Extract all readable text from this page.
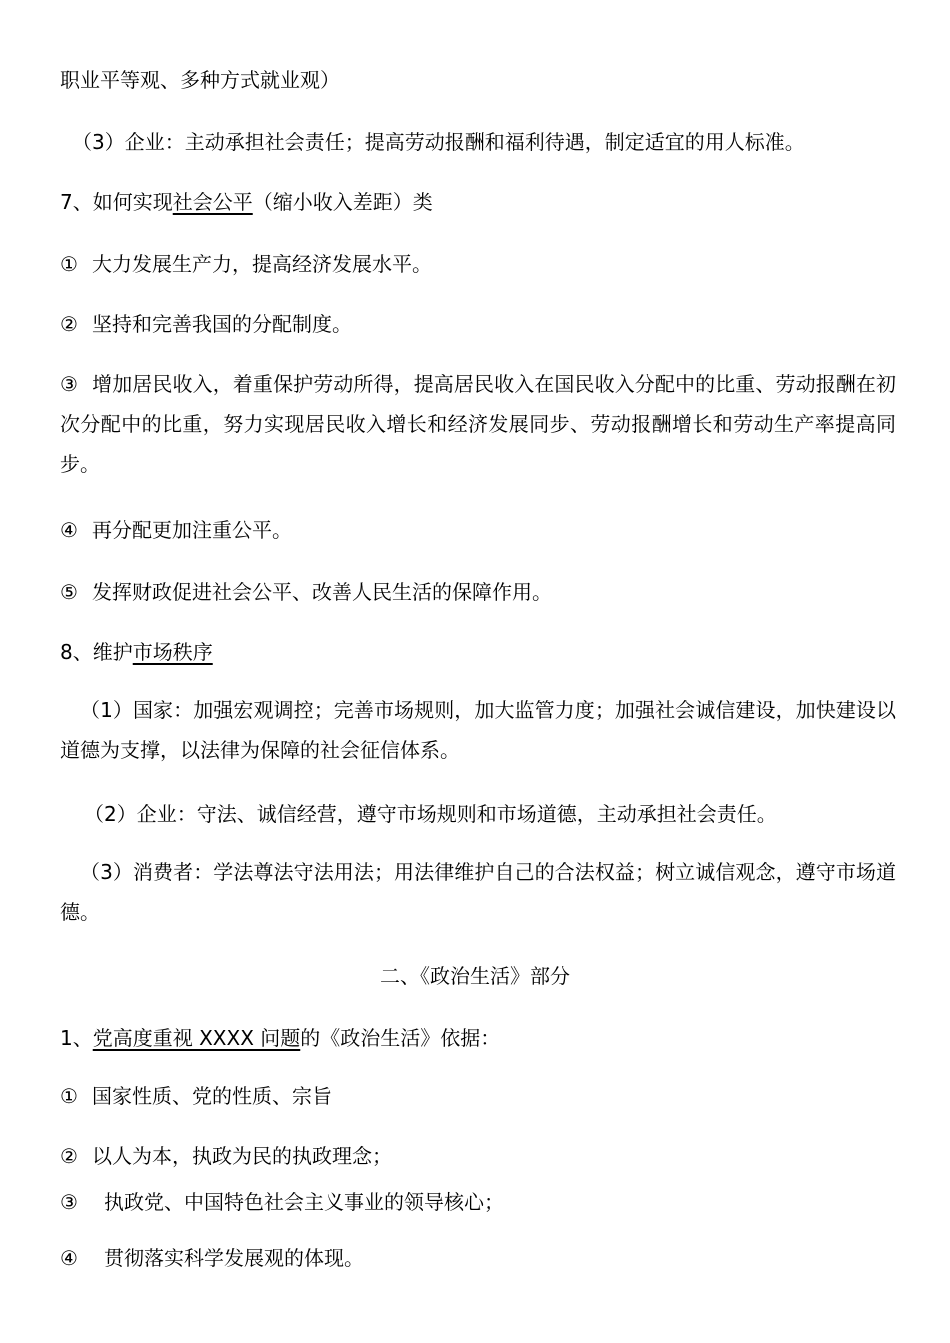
职业平等观、多种方式就业观）

（3）企业：主动承担社会责任；提高劳动报酬和福利待遇，制定适宜的用人标准。

7、如何实现社会公平（缩小收入差距）类

① 大力发展生产力，提高经济发展水平。

② 坚持和完善我国的分配制度。

③ 增加居民收入，着重保护劳动所得，提高居民收入在国民收入分配中的比重、劳动报酬在初次分配中的比重，努力实现居民收入增长和经济发展同步、劳动报酬增长和劳动生产率提高同步。

④ 再分配更加注重公平。

⑤ 发挥财政促进社会公平、改善人民生活的保障作用。

8、维护市场秩序

（1）国家：加强宏观调控；完善市场规则，加大监管力度；加强社会诚信建设，加快建设以道德为支撑，以法律为保障的社会征信体系。

（2）企业：守法、诚信经营，遵守市场规则和市场道德，主动承担社会责任。

（3）消费者：学法尊法守法用法；用法律维护自己的合法权益；树立诚信观念，遵守市场道德。

二、《政治生活》部分

1、党高度重视 XXXX 问题的《政治生活》依据：

① 国家性质、党的性质、宗旨

② 以人为本，执政为民的执政理念；

③ 执政党、中国特色社会主义事业的领导核心；

④ 贯彻落实科学发展观的体现。
